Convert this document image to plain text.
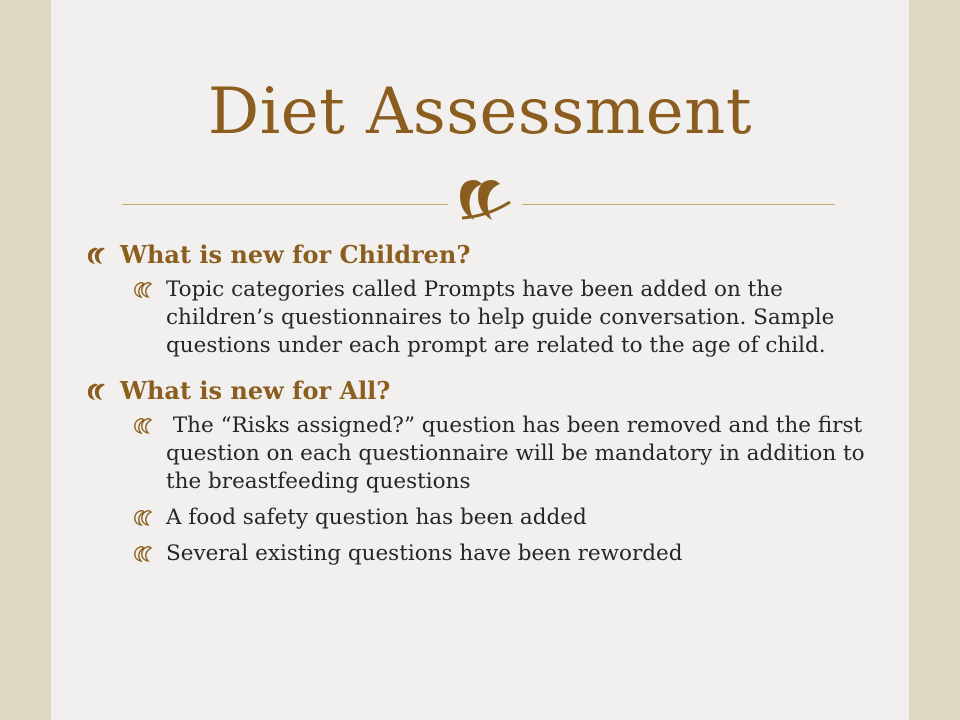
Diet Assessment
What is new for Children?
Topic categories called Prompts have been added on the children’s questionnaires to help guide conversation. Sample questions under each prompt are related to the age of child.
What is new for All?
The “Risks assigned?” question has been removed and the first question on each questionnaire will be mandatory in addition to the breastfeeding questions
A food safety question has been added
Several existing questions have been reworded
